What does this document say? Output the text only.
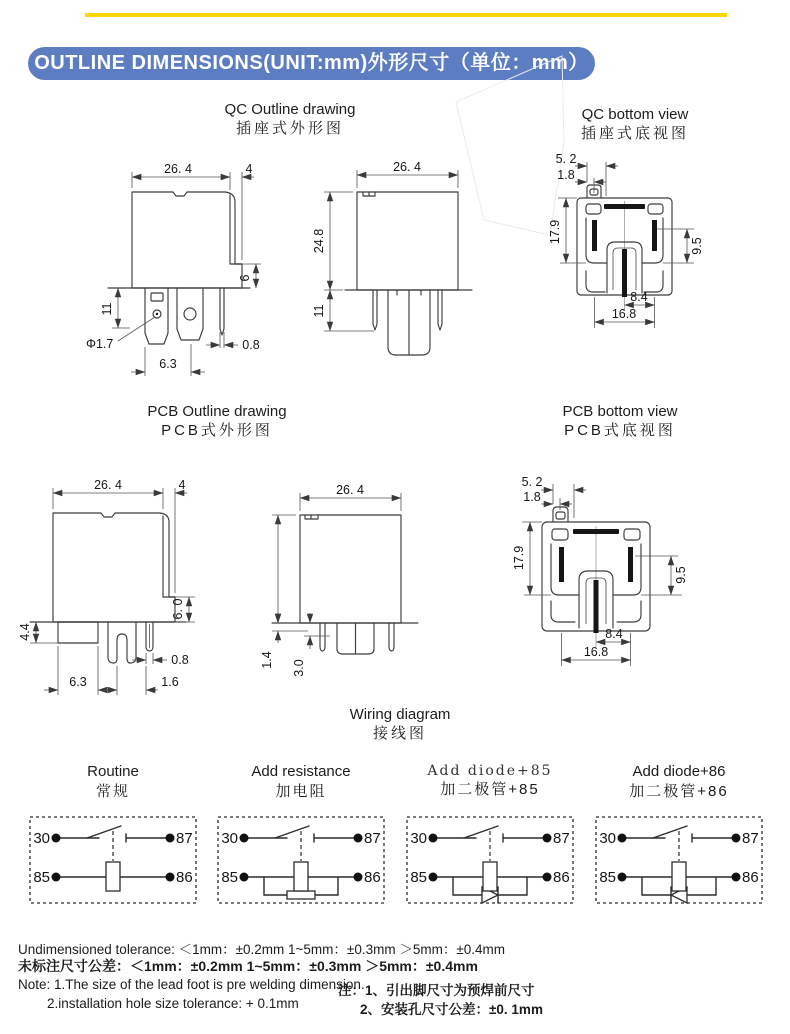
OUTLINE DIMENSIONS(UNIT:mm)外形尺寸（单位：mm）
QC Outline drawing
插座式外形图
QC bottom view
插座式底视图
PCB Outline drawing
PCB式外形图
PCB bottom view
PCB式底视图
Wiring diagram
接线图
26. 4	4
6
11
0.8
Φ1.7
6.3
26. 4
24.8
11
5. 2
1.8
17.9
9.5
8.4
16.8
26. 4	4
6. 0
4.4
0.8
6.3	1.6
26. 4
1.4 3.0
5. 2
1.8
17.9
9.5
8.4
16.8
Routine
常规
Add resistance
加电阻
Add diode+85
加二极管+85
Add diode+86
加二极管+86
30	87
85	86
30	87
85	86
30	87
85	86
30	87
85	86
Undimensioned tolerance: ＜1mm：±0.2mm 1~5mm：±0.3mm ＞5mm：±0.4mm
未标注尺寸公差：＜1mm：±0.2mm 1~5mm：±0.3mm ＞5mm：±0.4mm
Note: 1.The size of the lead foot is pre welding dimension.
2.installation hole size tolerance: + 0.1mm
注：1、引出脚尺寸为预焊前尺寸
2、安装孔尺寸公差：±0. 1mm
